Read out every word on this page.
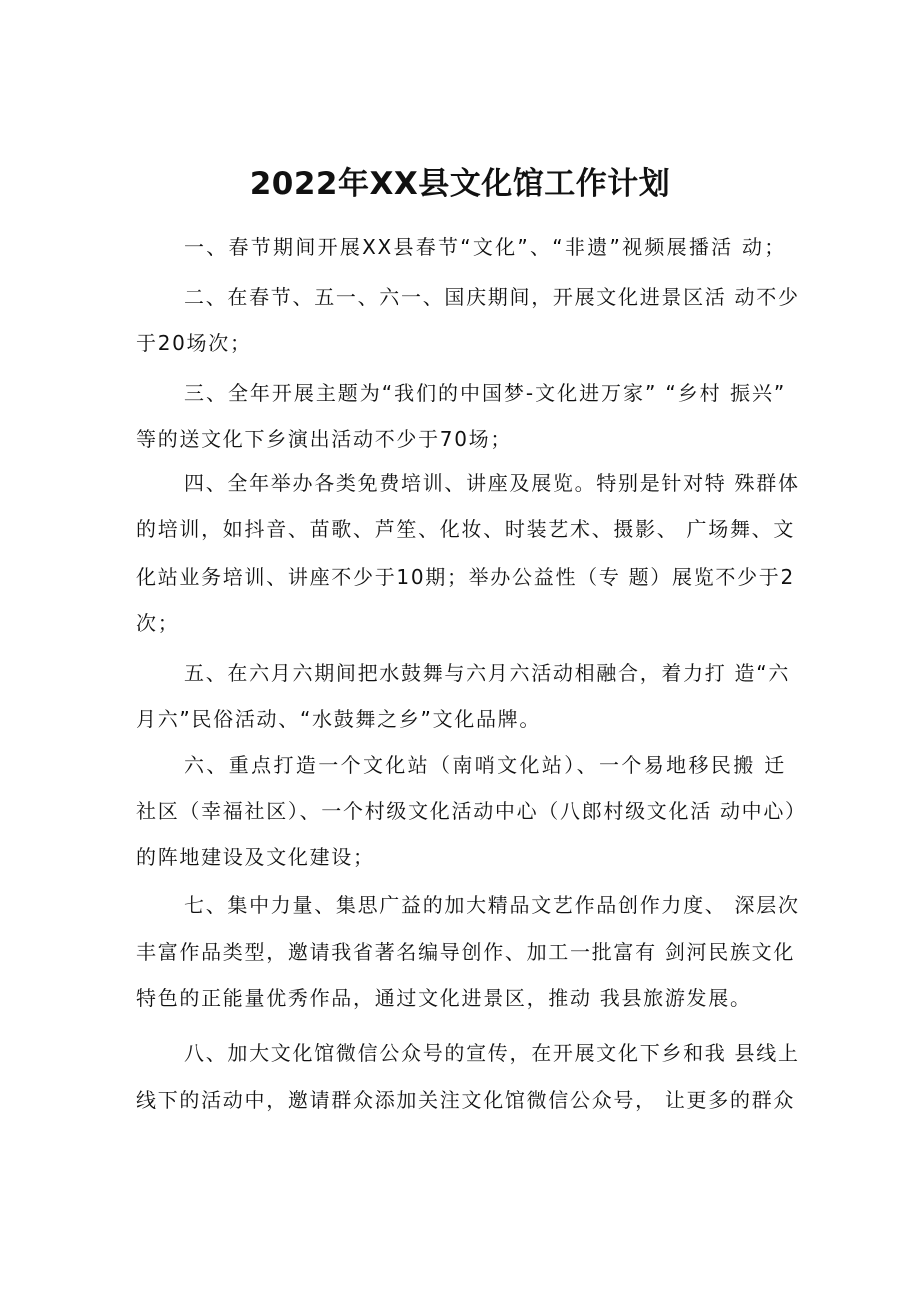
2022年XX县文化馆工作计划
一、春节期间开展XX县春节“文化”、“非遗”视频展播活 动；
二、在春节、五一、六一、国庆期间，开展文化进景区活 动不少
于20场次；
三、全年开展主题为“我们的中国梦-文化进万家” “乡村 振兴”
等的送文化下乡演出活动不少于70场；
四、全年举办各类免费培训、讲座及展览。特别是针对特 殊群体
的培训，如抖音、苗歌、芦笙、化妆、时装艺术、摄影、 广场舞、文
化站业务培训、讲座不少于10期；举办公益性（专 题）展览不少于2
次；
五、在六月六期间把水鼓舞与六月六活动相融合，着力打 造“六
月六”民俗活动、“水鼓舞之乡”文化品牌。
六、重点打造一个文化站（南哨文化站）、一个易地移民搬 迁
社区（幸福社区）、一个村级文化活动中心（八郎村级文化活 动中心）
的阵地建设及文化建设；
七、集中力量、集思广益的加大精品文艺作品创作力度、 深层次
丰富作品类型，邀请我省著名编导创作、加工一批富有 剑河民族文化
特色的正能量优秀作品，通过文化进景区，推动 我县旅游发展。
八、加大文化馆微信公众号的宣传，在开展文化下乡和我 县线上
线下的活动中，邀请群众添加关注文化馆微信公众号， 让更多的群众
